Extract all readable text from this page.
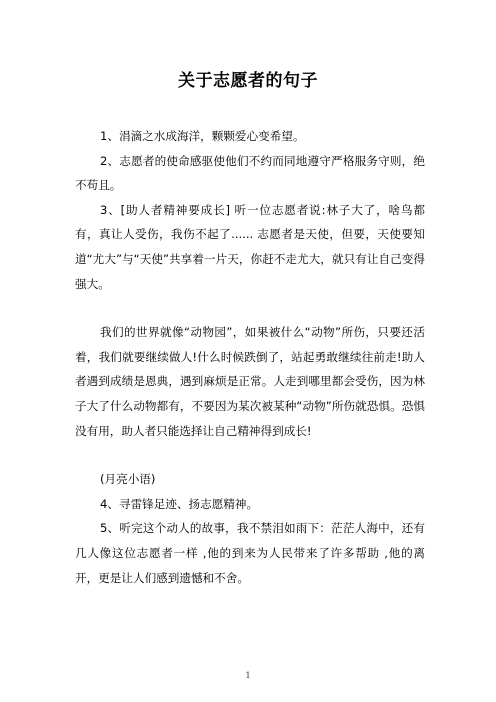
关于志愿者的句子

1、涓滴之水成海洋，颗颗爱心变希望。

2、志愿者的使命感驱使他们不约而同地遵守严格服务守则，绝不苟且。

3、[助人者精神要成长] 听一位志愿者说:林子大了，啥鸟都有，真让人受伤，我伤不起了...... 志愿者是天使，但要，天使要知道“尤大”与“天使”共享着一片天，你赶不走尤大，就只有让自己变得强大。

我们的世界就像“动物园”，如果被什么“动物”所伤，只要还活着，我们就要继续做人!什么时候跌倒了，站起勇敢继续往前走!助人者遇到成绩是恩典，遇到麻烦是正常。人走到哪里都会受伤，因为林子大了什么动物都有，不要因为某次被某种“动物”所伤就恐惧。恐惧没有用，助人者只能选择让自己精神得到成长!

(月亮小语)

4、寻雷锋足迹、扬志愿精神。

5、听完这个动人的故事，我不禁泪如雨下：茫茫人海中，还有几人像这位志愿者一样 ,他的到来为人民带来了许多帮助 ,他的离开，更是让人们感到遗憾和不舍。

1
